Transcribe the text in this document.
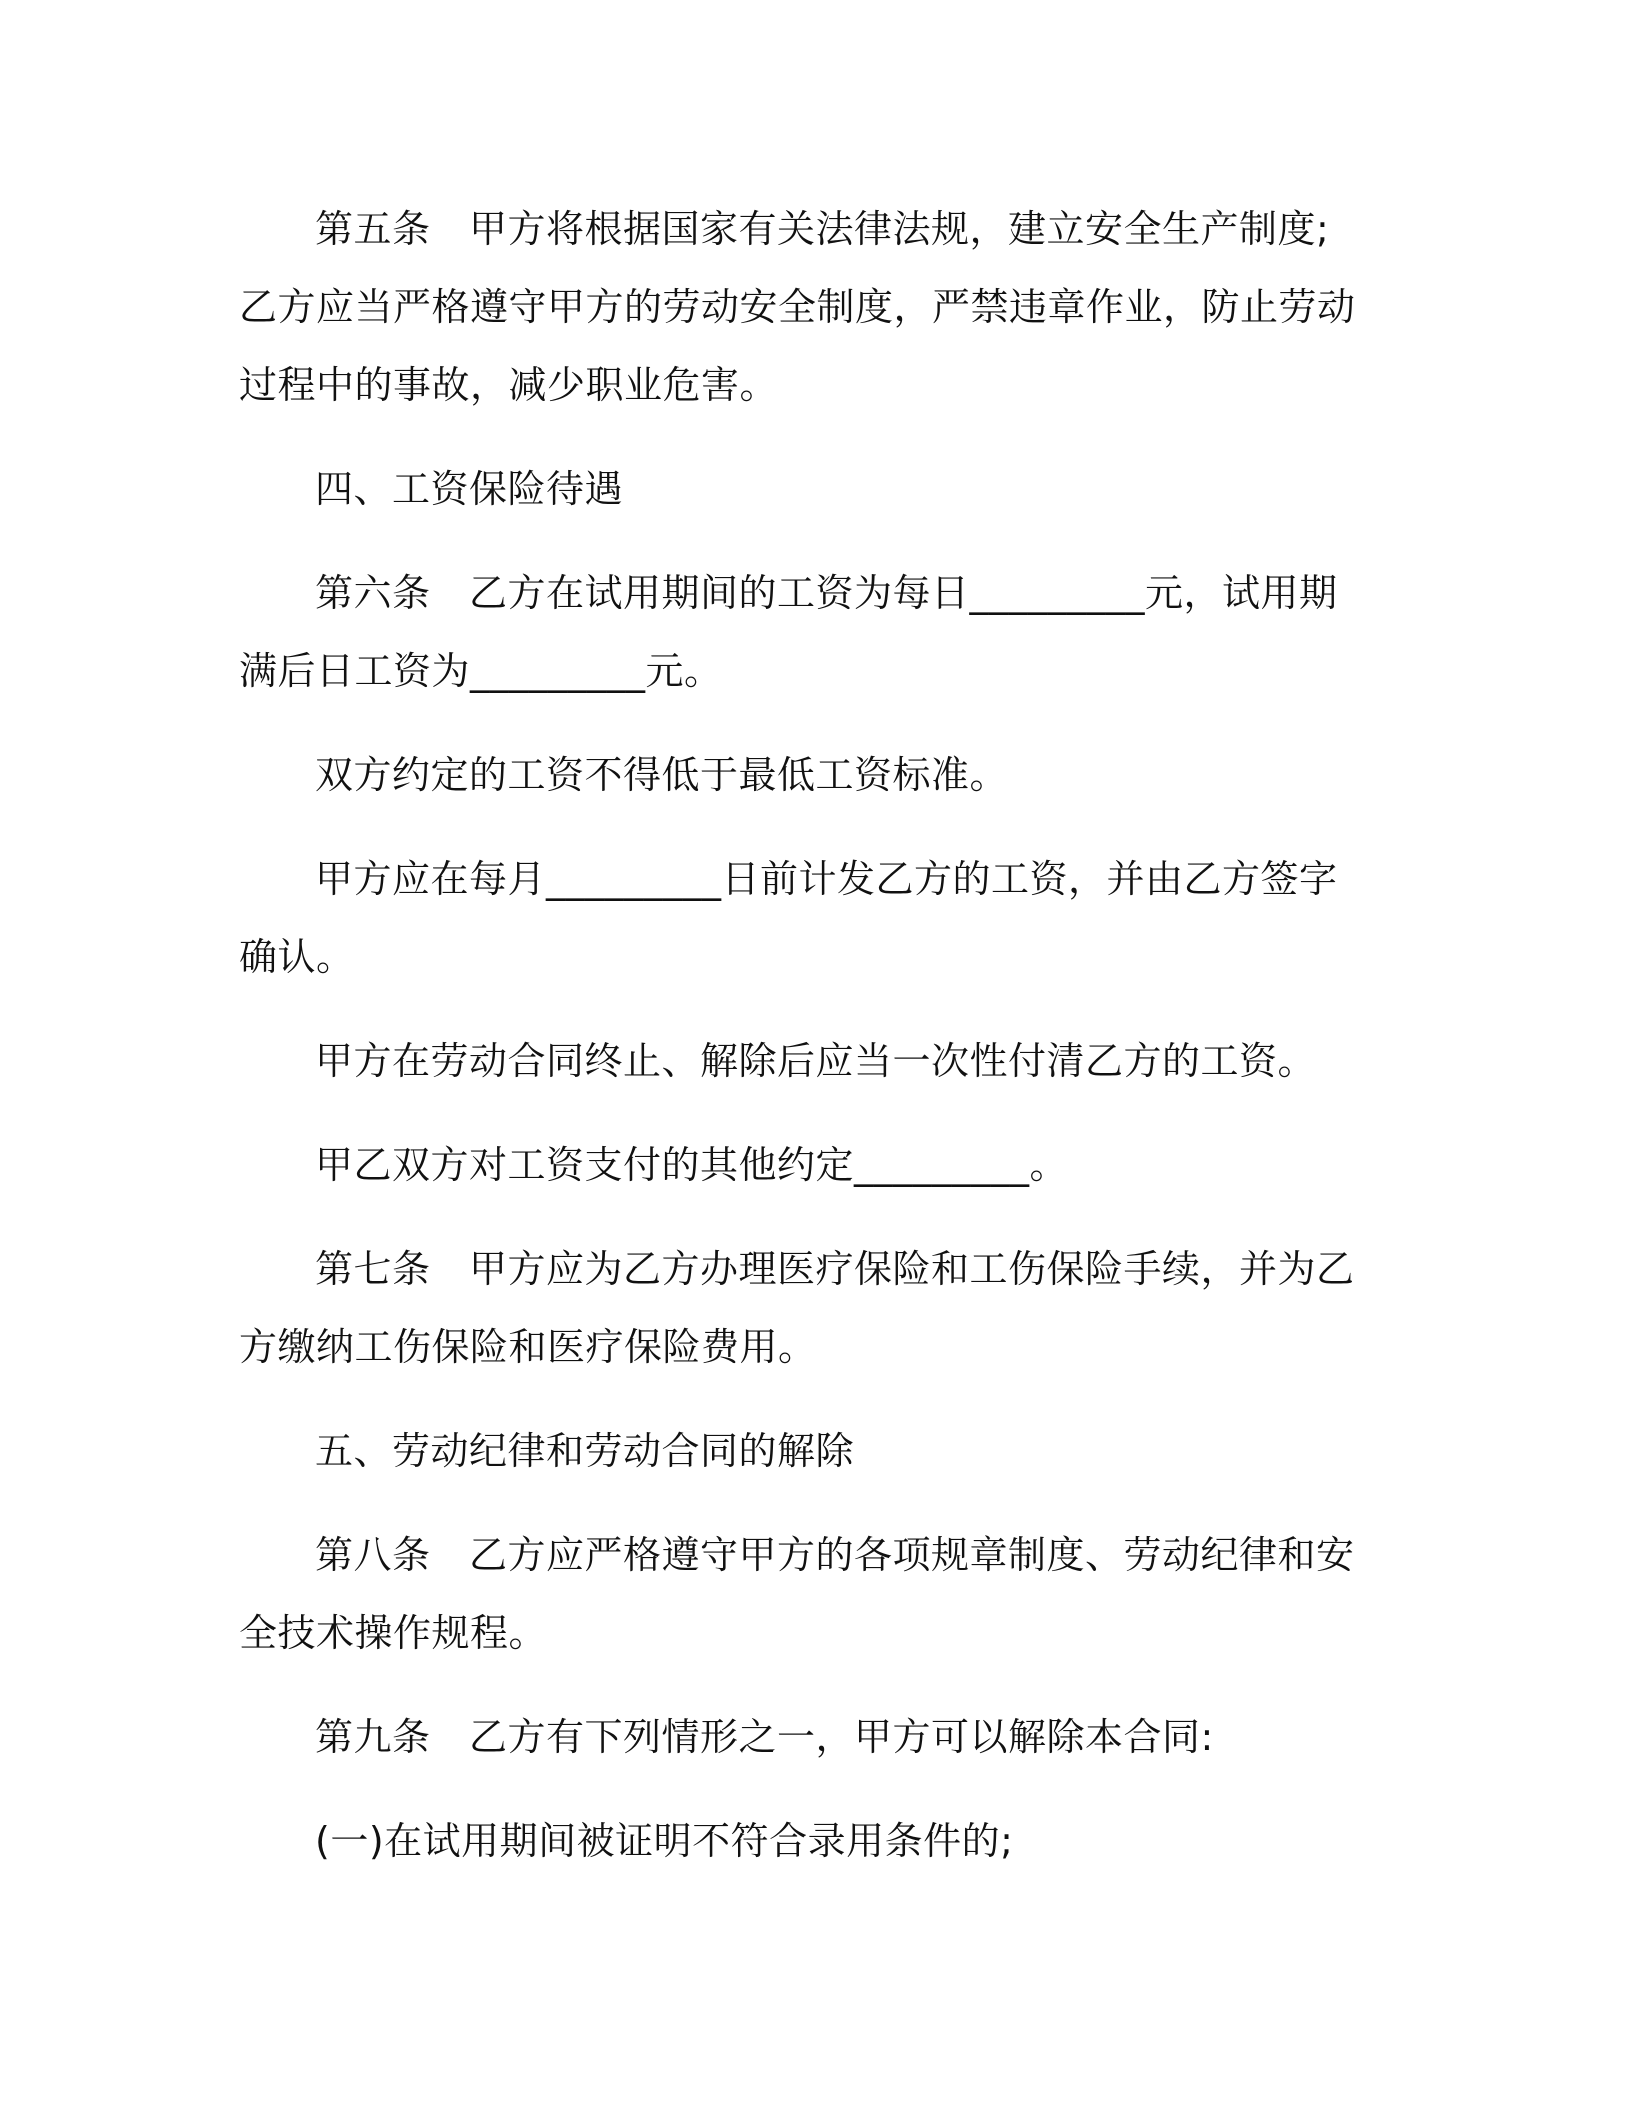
第五条　甲方将根据国家有关法律法规，建立安全生产制度;乙方应当严格遵守甲方的劳动安全制度，严禁违章作业，防止劳动过程中的事故，减少职业危害。

四、工资保险待遇

第六条　乙方在试用期间的工资为每日_________元，试用期满后日工资为_________元。

双方约定的工资不得低于最低工资标准。

甲方应在每月_________日前计发乙方的工资，并由乙方签字确认。

甲方在劳动合同终止、解除后应当一次性付清乙方的工资。

甲乙双方对工资支付的其他约定_________。

第七条　甲方应为乙方办理医疗保险和工伤保险手续，并为乙方缴纳工伤保险和医疗保险费用。

五、劳动纪律和劳动合同的解除

第八条　乙方应严格遵守甲方的各项规章制度、劳动纪律和安全技术操作规程。

第九条　乙方有下列情形之一，甲方可以解除本合同:

(一)在试用期间被证明不符合录用条件的;
